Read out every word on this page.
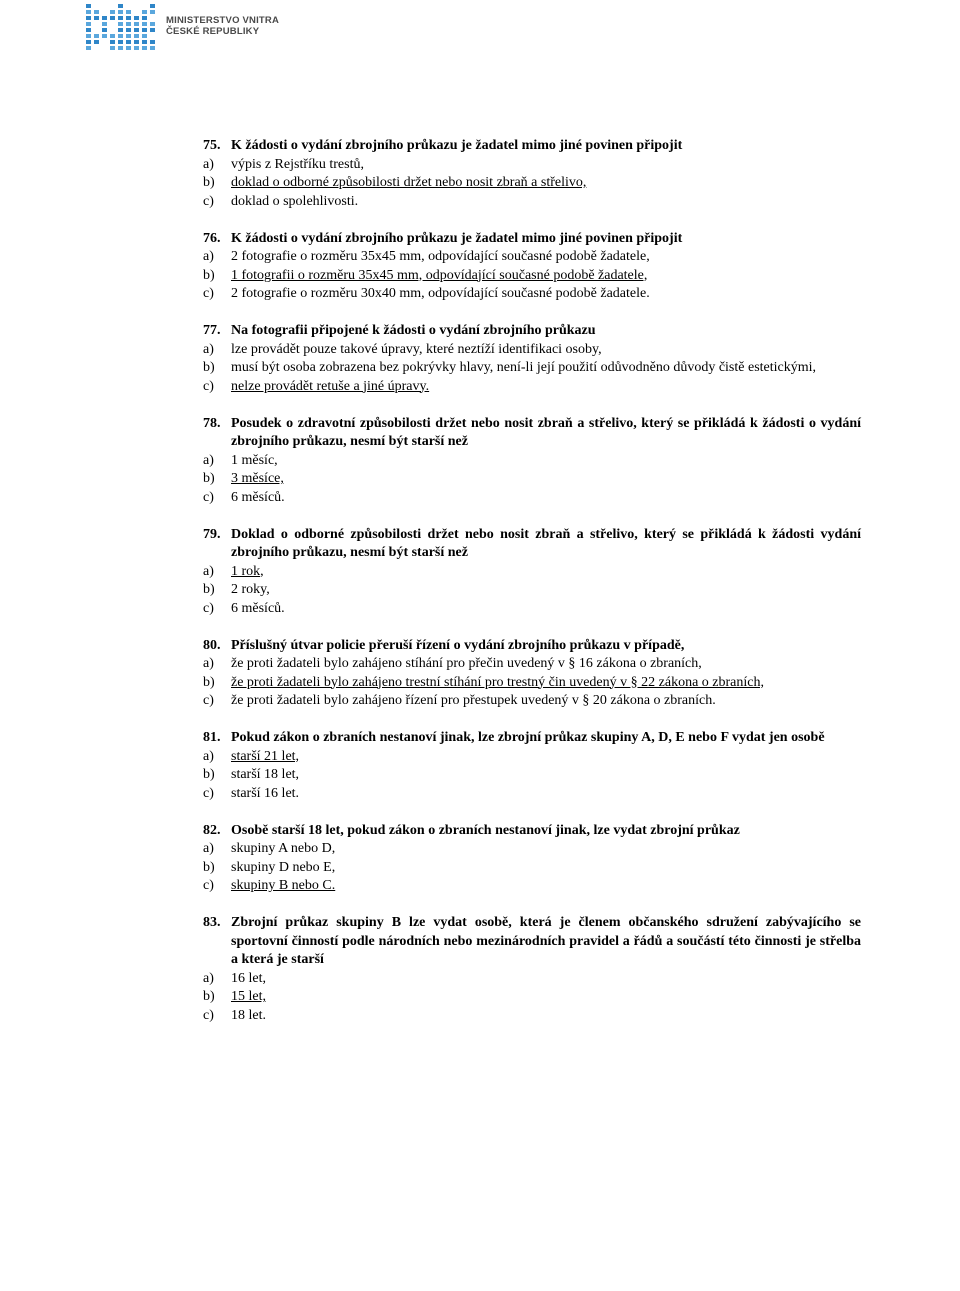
MINISTERSTVO VNITRA
ČESKÉ REPUBLIKY
75. K žádosti o vydání zbrojního průkazu je žadatel mimo jiné povinen připojit
a)	výpis z Rejstříku trestů,
b)	doklad o odborné způsobilosti držet nebo nosit zbraň a střelivo,
c)	doklad o spolehlivosti.
76. K žádosti o vydání zbrojního průkazu je žadatel mimo jiné povinen připojit
a)	2 fotografie o rozměru 35x45 mm, odpovídající současné podobě žadatele,
b)	1 fotografii o rozměru 35x45 mm, odpovídající současné podobě žadatele,
c)	2 fotografie o rozměru 30x40 mm, odpovídající současné podobě žadatele.
77. Na fotografii připojené k žádosti o vydání zbrojního průkazu
a)	lze provádět pouze takové úpravy, které neztíží identifikaci osoby,
b)	musí být osoba zobrazena bez pokrývky hlavy, není-li její použití odůvodněno důvody čistě estetickými,
c)	nelze provádět retuše a jiné úpravy.
78. Posudek o zdravotní způsobilosti držet nebo nosit zbraň a střelivo, který se přikládá k žádosti o vydání zbrojního průkazu, nesmí být starší než
a)	1 měsíc,
b)	3 měsíce,
c)	6 měsíců.
79. Doklad o odborné způsobilosti držet nebo nosit zbraň a střelivo, který se přikládá k žádosti vydání zbrojního průkazu, nesmí být starší než
a)	1 rok,
b)	2 roky,
c)	6 měsíců.
80. Příslušný útvar policie přeruší řízení o vydání zbrojního průkazu v případě,
a)	že proti žadateli bylo zahájeno stíhání pro přečin uvedený v § 16 zákona o zbraních,
b)	že proti žadateli bylo zahájeno trestní stíhání pro trestný čin uvedený v § 22 zákona o zbraních,
c)	že proti žadateli bylo zahájeno řízení pro přestupek uvedený v § 20 zákona o zbraních.
81. Pokud zákon o zbraních nestanoví jinak, lze zbrojní průkaz skupiny A, D, E nebo F vydat jen osobě
a)	starší 21 let,
b)	starší 18 let,
c)	starší 16 let.
82. Osobě starší 18 let, pokud zákon o zbraních nestanoví jinak, lze vydat zbrojní průkaz
a)	skupiny A nebo D,
b)	skupiny D nebo E,
c)	skupiny B nebo C.
83. Zbrojní průkaz skupiny B lze vydat osobě, která je členem občanského sdružení zabývajícího se sportovní činností podle národních nebo mezinárodních pravidel a řádů a součástí této činnosti je střelba a která je starší
a)	16 let,
b)	15 let,
c)	18 let.
